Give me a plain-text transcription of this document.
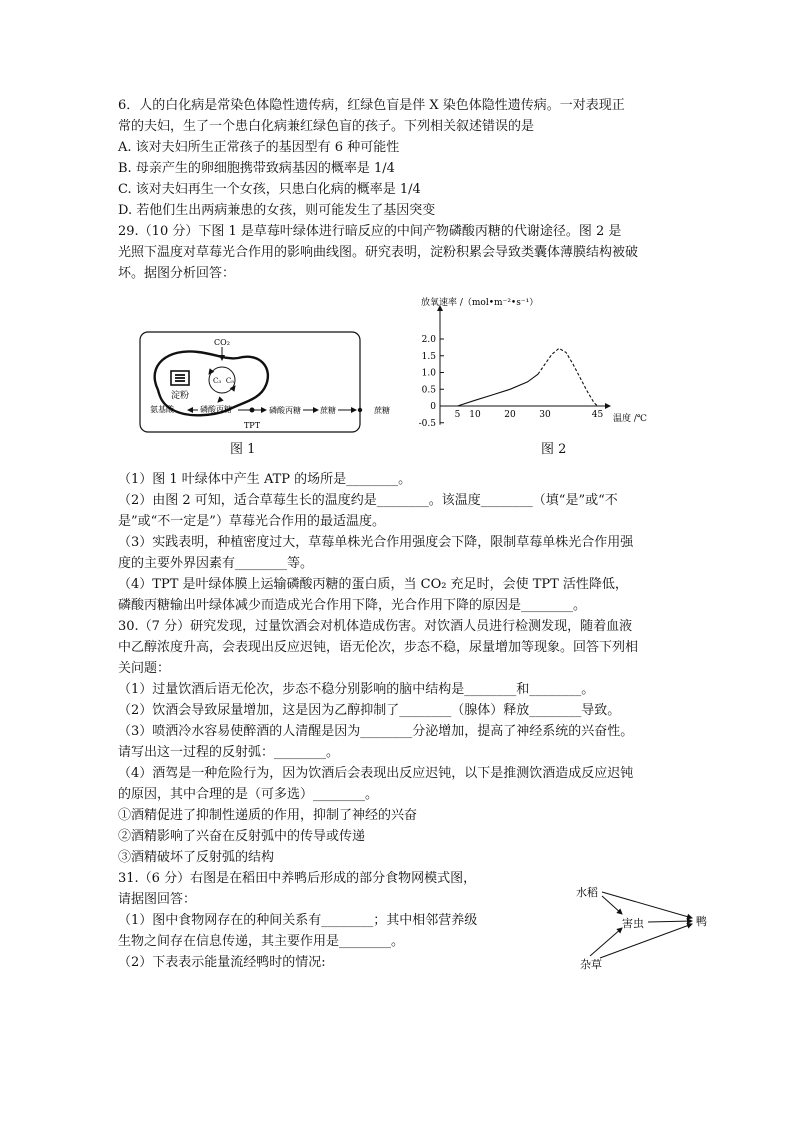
6．人的白化病是常染色体隐性遗传病，红绿色盲是伴 X 染色体隐性遗传病。一对表现正
常的夫妇，生了一个患白化病兼红绿色盲的孩子。下列相关叙述错误的是
A. 该对夫妇所生正常孩子的基因型有 6 种可能性
B. 母亲产生的卵细胞携带致病基因的概率是 1/4
C. 该对夫妇再生一个女孩，只患白化病的概率是 1/4
D. 若他们生出两病兼患的女孩，则可能发生了基因突变
29.（10 分）下图 1 是草莓叶绿体进行暗反应的中间产物磷酸丙糖的代谢途径。图 2 是
光照下温度对草莓光合作用的影响曲线图。研究表明，淀粉积累会导致类囊体薄膜结构被破
坏。据图分析回答：
CO₂
C₃ C₅
淀粉
氨基酸	磷酸丙糖
TPT
磷酸丙糖 蔗糖	蔗糖
图 1
放氧速率 /（mol•m⁻²•s⁻¹）
温度 /℃
-0.5
0
0.5
1.0
1.5
2.0
5 10	20	30	45
图 2
（1）图 1 叶绿体中产生 ATP 的场所是________。
（2）由图 2 可知，适合草莓生长的温度约是________。该温度________（填“是”或“不
是”或“不一定是”）草莓光合作用的最适温度。
（3）实践表明，种植密度过大，草莓单株光合作用强度会下降，限制草莓单株光合作用强
度的主要外界因素有________等。
（4）TPT 是叶绿体膜上运输磷酸丙糖的蛋白质，当 CO₂ 充足时，会使 TPT 活性降低，
磷酸丙糖输出叶绿体减少而造成光合作用下降，光合作用下降的原因是________。
30.（7 分）研究发现，过量饮酒会对机体造成伤害。对饮酒人员进行检测发现，随着血液
中乙醇浓度升高，会表现出反应迟钝，语无伦次，步态不稳，尿量增加等现象。回答下列相
关问题：
（1）过量饮酒后语无伦次，步态不稳分别影响的脑中结构是________和________。
（2）饮酒会导致尿量增加，这是因为乙醇抑制了________（腺体）释放________导致。
（3）喷洒冷水容易使醉酒的人清醒是因为________分泌增加，提高了神经系统的兴奋性。
请写出这一过程的反射弧：________。
（4）酒驾是一种危险行为，因为饮酒后会表现出反应迟钝，以下是推测饮酒造成反应迟钝
的原因，其中合理的是（可多选）________。
①酒精促进了抑制性递质的作用，抑制了神经的兴奋
②酒精影响了兴奋在反射弧中的传导或传递
③酒精破坏了反射弧的结构
31.（6 分）右图是在稻田中养鸭后形成的部分食物网模式图，
请据图回答：
（1）图中食物网存在的种间关系有________；其中相邻营养级
生物之间存在信息传递，其主要作用是________。
（2）下表表示能量流经鸭时的情况:
水稻
害虫	鸭
杂草
